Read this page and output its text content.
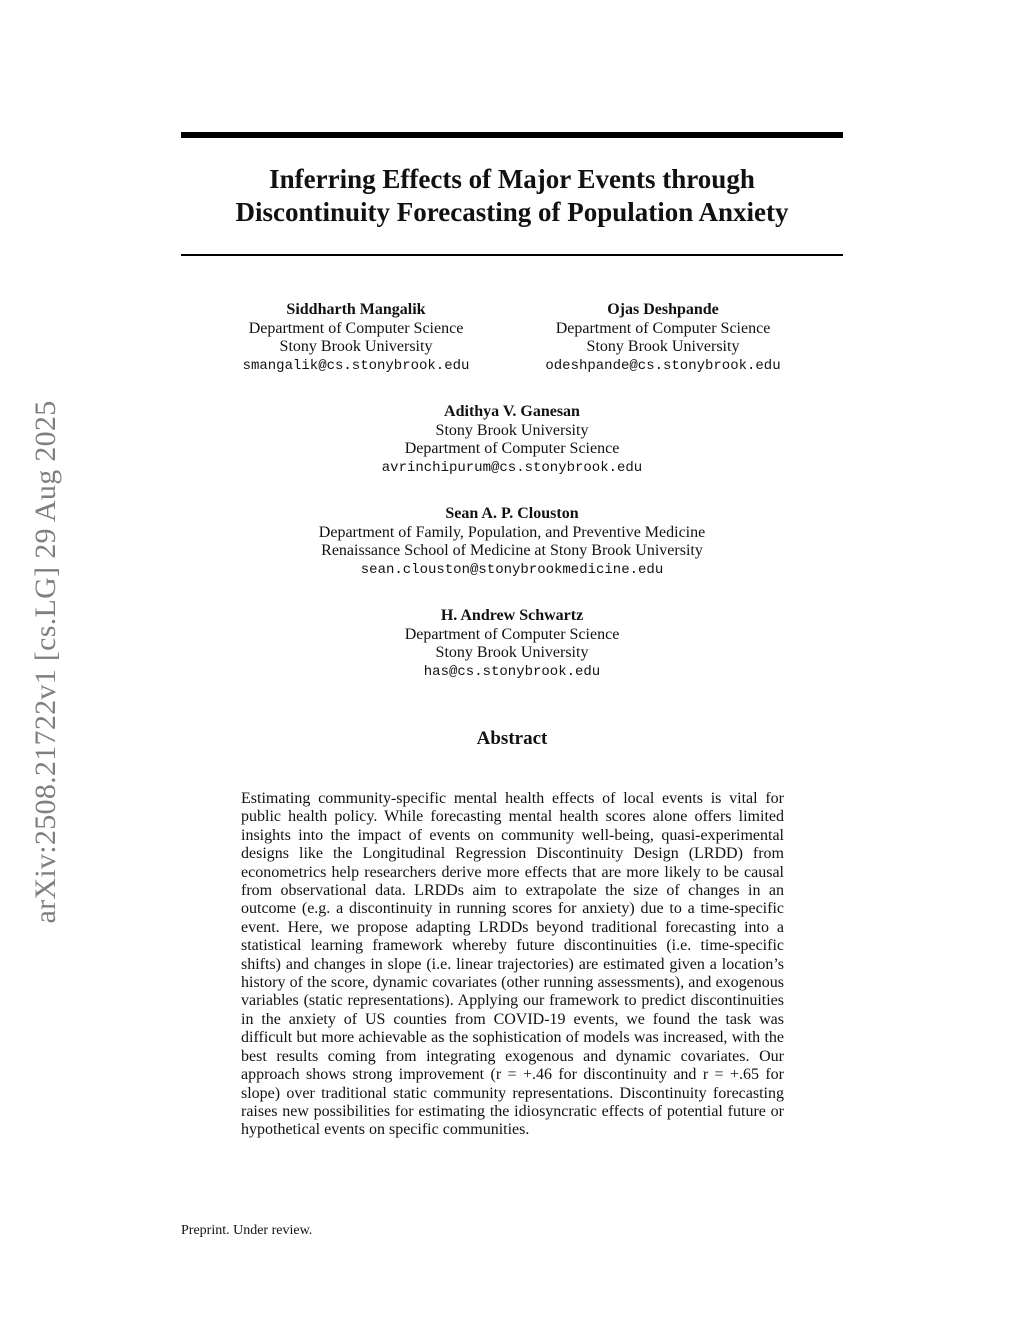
arXiv:2508.21722v1 [cs.LG] 29 Aug 2025
Inferring Effects of Major Events through
Discontinuity Forecasting of Population Anxiety
Siddharth Mangalik
Department of Computer Science
Stony Brook University
smangalik@cs.stonybrook.edu
Ojas Deshpande
Department of Computer Science
Stony Brook University
odeshpande@cs.stonybrook.edu
Adithya V. Ganesan
Stony Brook University
Department of Computer Science
avrinchipurum@cs.stonybrook.edu
Sean A. P. Clouston
Department of Family, Population, and Preventive Medicine
Renaissance School of Medicine at Stony Brook University
sean.clouston@stonybrookmedicine.edu
H. Andrew Schwartz
Department of Computer Science
Stony Brook University
has@cs.stonybrook.edu
Abstract

Estimating community-specific mental health effects of local events is vital for public health policy. While forecasting mental health scores alone offers limited insights into the impact of events on community well-being, quasi-experimental designs like the Longitudinal Regression Discontinuity Design (LRDD) from econometrics help researchers derive more effects that are more likely to be causal from observational data. LRDDs aim to extrapolate the size of changes in an outcome (e.g. a discontinuity in running scores for anxiety) due to a time-specific event. Here, we propose adapting LRDDs beyond traditional forecasting into a statistical learning framework whereby future discontinuities (i.e. time-specific shifts) and changes in slope (i.e. linear trajectories) are estimated given a location’s history of the score, dynamic covariates (other running assessments), and exogenous variables (static representations). Applying our framework to predict discontinuities in the anxiety of US counties from COVID-19 events, we found the task was difficult but more achievable as the sophistication of models was increased, with the best results coming from integrating exogenous and dynamic covariates. Our approach shows strong improvement (r = +.46 for discontinuity and r = +.65 for slope) over traditional static community representations. Discontinuity forecasting raises new possibilities for estimating the idiosyncratic effects of potential future or hypothetical events on specific communities.

Preprint. Under review.
